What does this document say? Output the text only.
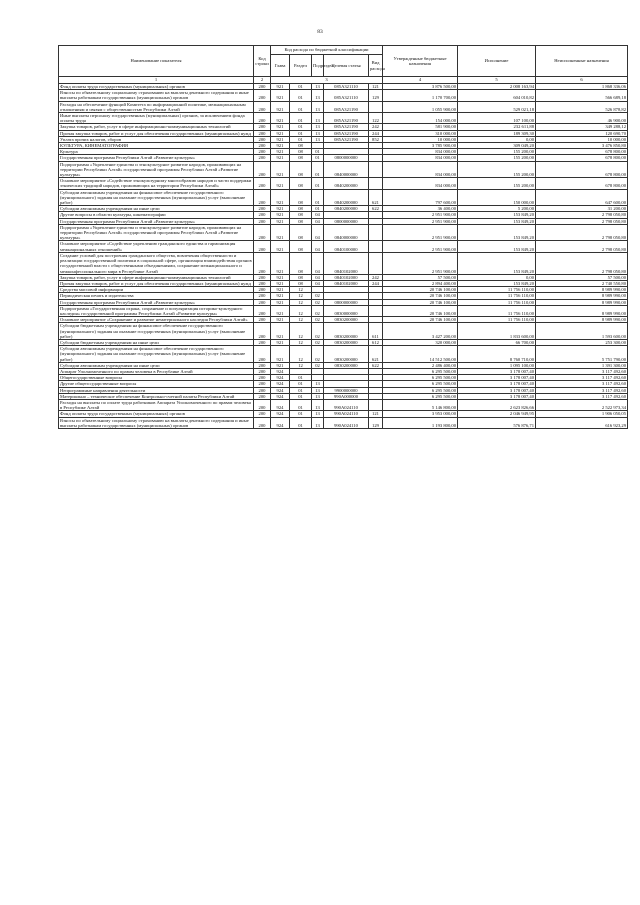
83
Наименование показателя	Код строки	Код расхода по бюджетной классификации					Утвержденные бюджетные назначения	Исполнение	Неисполненные назначения
		Глава	Раздел	Подраздел	Целевая статья	Вид расхода			
1	2	3					4	5	6
Фонд оплаты труда государственных (муниципальных) органов	200	921	01	13	085А321110	121	3 876 500,00	2 008 163,94	1 868 336,06
Взносы по обязательному социальному страхованию на выплаты денежного содержания и иные выплаты работникам государственных (муниципальных) органов	200	921	01	13	085А321110	129	1 170 700,00	604 010,82	566 689,18
Расходы на обеспечение функций Комитета по информационной политике, межнациональным отношениям и связям с общественностью Республики Алтай	200	921	01	13	085А321190		1 055 900,00	529 021,18	526 878,82
Иные выплаты персоналу государственных (муниципальных) органов, за исключением фонда оплаты труда	200	921	01	13	085А321190	122	154 000,00	107 100,00	46 900,00
Закупка товаров, работ, услуг в сфере информационно-коммуникационных технологий	200	921	01	13	085А321190	242	581 900,00	232 611,88	349 288,12
Прочая закупка товаров, работ и услуг для обеспечения государственных (муниципальных) нужд	200	921	01	13	085А321190	244	310 000,00	189 309,30	120 690,70
Уплата прочих налогов, сборов	200	921	01	13	085А321190	852	10 000,00	0,00	10 000,00
КУЛЬТУРА, КИНЕМАТОГРАФИЯ	200	921	08				3 785 900,00	309 049,20	3 476 850,80
Культура	200	921	08	01			834 000,00	155 200,00	678 800,00
Государственная программа Республики Алтай «Развитие культуры»	200	921	08	01	0800000000		834 000,00	155 200,00	678 800,00
Подпрограмма «Укрепление единства и этнокультурное развитие народов, проживающих на территории Республики Алтай» государственной программы Республики Алтай «Развитие культуры»	200	921	08	01	0840000000		834 000,00	155 200,00	678 800,00
Основное мероприятие «Содействие этнокультурному многообразию народов и части поддержки этнических традиций народов, проживающих на территории Республики Алтай»	200	921	08	01	0840200000		834 000,00	155 200,00	678 800,00
Субсидии автономным учреждениям на финансовое обеспечение государственного (муниципального) задания на оказание государственных (муниципальных) услуг (выполнение работ)	200	921	08	01	0840200000	621	797 600,00	150 000,00	647 600,00
Субсидии автономным учреждениям на иные цели	200	921	08	01	0840200000	622	36 400,00	5 200,00	31 200,00
Другие вопросы в области культуры, кинематографии	200	921	08	04			2 951 900,00	153 849,20	2 798 050,80
Государственная программа Республики Алтай «Развитие культуры»	200	921	08	04	0800000000		2 951 900,00	153 849,20	2 798 050,80
Подпрограмма «Укрепление единства и этнокультурное развитие народов, проживающих на территории Республики Алтай» государственной программы Республики Алтай «Развитие культуры»	200	921	08	04	0840000000		2 951 900,00	153 849,20	2 798 050,80
Основное мероприятие «Содействие укреплению гражданского единства и гармонизация межнациональных отношений»	200	921	08	04	0840100000		2 951 900,00	153 849,20	2 798 050,80
Создание условий для построения гражданского общества, вовлечения общественности и реализации государственной политики в социальной сфере, организация взаимодействия органов государственной власти с общественными объединениями, сохранение межнационального и межконфессионального мира в Республике Алтай	200	921	08	04	0840102000		2 951 900,00	153 849,20	2 798 050,80
Закупка товаров, работ, услуг в сфере информационно-коммуникационных технологий	200	921	08	04	0840102000	242	57 500,00	0,00	57 500,00
Прочая закупка товаров, работ и услуг для обеспечения государственных (муниципальных) нужд	200	921	08	04	0840102000	244	2 894 400,00	153 849,20	2 740 550,80
Средства массовой информации	200	921	12				20 746 100,00	11 756 110,00	8 989 990,00
Периодическая печать и издательства	200	921	12	02			20 746 100,00	11 756 110,00	8 989 990,00
Государственная программа Республики Алтай «Развитие культуры»	200	921	12	02	0800000000		20 746 100,00	11 756 110,00	8 989 990,00
Подпрограмма «Государственная охрана, сохранение и популяризация историко-культурного наследия» государственной программы Республики Алтай «Развитие культуры»	200	921	12	02	0830000000		20 746 100,00	11 756 110,00	8 989 990,00
Основное мероприятие «Сохранение и развитие нематериального наследия Республики Алтай»	200	921	12	02	0830200000		20 746 100,00	11 756 110,00	8 989 990,00
Субсидии бюджетным учреждениям на финансовое обеспечение государственного (муниципального) задания на оказание государственных (муниципальных) услуг (выполнение работ)	200	921	12	02	0830200000	611	3 427 200,00	1 833 600,00	1 593 600,00
Субсидии бюджетным учреждениям на иные цели	200	921	12	02	0830200000	612	320 000,00	66 700,00	253 300,00
Субсидии автономным учреждениям на финансовое обеспечение государственного (муниципального) задания на оказание государственных (муниципальных) услуг (выполнение работ)	200	921	12	02	0830200000	621	14 512 500,00	8 760 710,00	5 751 790,00
Субсидии автономным учреждениям на иные цели	200	921	12	02	0830200000	622	2 486 400,00	1 095 100,00	1 391 300,00
Аппарат Уполномоченного по правам человека в Республике Алтай	200	924					6 295 500,00	3 178 007,40	3 117 492,60
Общегосударственные вопросы	200	924	01				6 295 500,00	3 178 007,40	3 117 492,60
Другие общегосударственные вопросы	200	924	01	13			6 295 500,00	3 178 007,40	3 117 492,60
Непрограммные направления деятельности	200	924	01	13	9900000000		6 295 500,00	3 178 007,40	3 117 492,60
Материально – техническое обеспечение Контрольно-счетной палаты Республики Алтай	200	924	01	13	990А000000		6 295 500,00	3 178 007,40	3 117 492,60
Расходы на выплаты по оплате труда работников Аппарата Уполномоченного по правам человека в Республике Алтай	200	924	01	13	990А024110		5 146 800,00	2 623 826,66	2 522 973,34
Фонд оплаты труда государственных (муниципальных) органов	200	924	01	13	990А024110	121	3 953 000,00	2 046 949,95	1 906 050,05
Взносы по обязательному социальному страхованию на выплаты денежного содержания и иные выплаты работникам государственных (муниципальных) органов	200	924	01	13	990А024110	129	1 193 800,00	576 876,71	616 923,29
